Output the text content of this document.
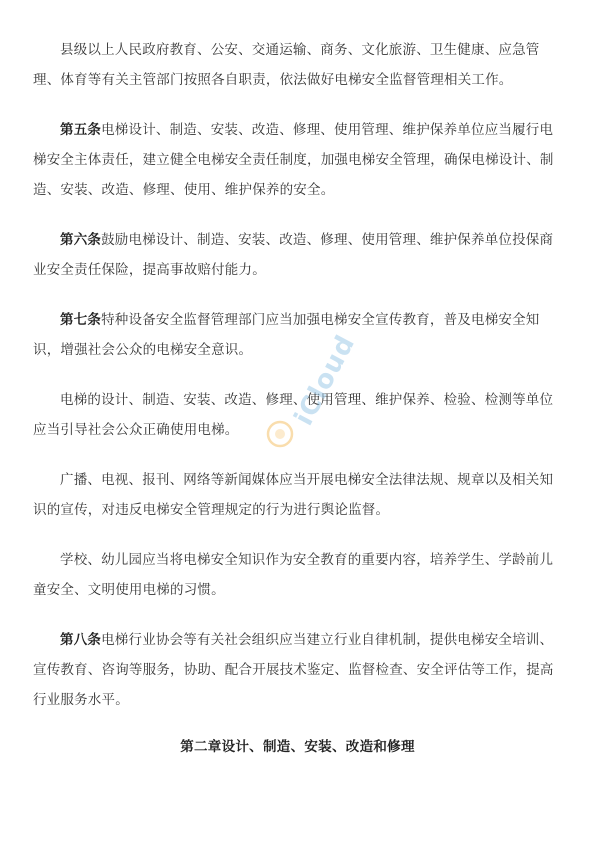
县级以上人民政府教育、公安、交通运输、商务、文化旅游、卫生健康、应急管理、体育等有关主管部门按照各自职责，依法做好电梯安全监督管理相关工作。

第五条电梯设计、制造、安装、改造、修理、使用管理、维护保养单位应当履行电梯安全主体责任，建立健全电梯安全责任制度，加强电梯安全管理，确保电梯设计、制造、安装、改造、修理、使用、维护保养的安全。

第六条鼓励电梯设计、制造、安装、改造、修理、使用管理、维护保养单位投保商业安全责任保险，提高事故赔付能力。

第七条特种设备安全监督管理部门应当加强电梯安全宣传教育，普及电梯安全知识，增强社会公众的电梯安全意识。

电梯的设计、制造、安装、改造、修理、使用管理、维护保养、检验、检测等单位应当引导社会公众正确使用电梯。

广播、电视、报刊、网络等新闻媒体应当开展电梯安全法律法规、规章以及相关知识的宣传，对违反电梯安全管理规定的行为进行舆论监督。

学校、幼儿园应当将电梯安全知识作为安全教育的重要内容，培养学生、学龄前儿童安全、文明使用电梯的习惯。

第八条电梯行业协会等有关社会组织应当建立行业自律机制，提供电梯安全培训、宣传教育、咨询等服务，协助、配合开展技术鉴定、监督检查、安全评估等工作，提高行业服务水平。

第二章设计、制造、安装、改造和修理
iCloud
